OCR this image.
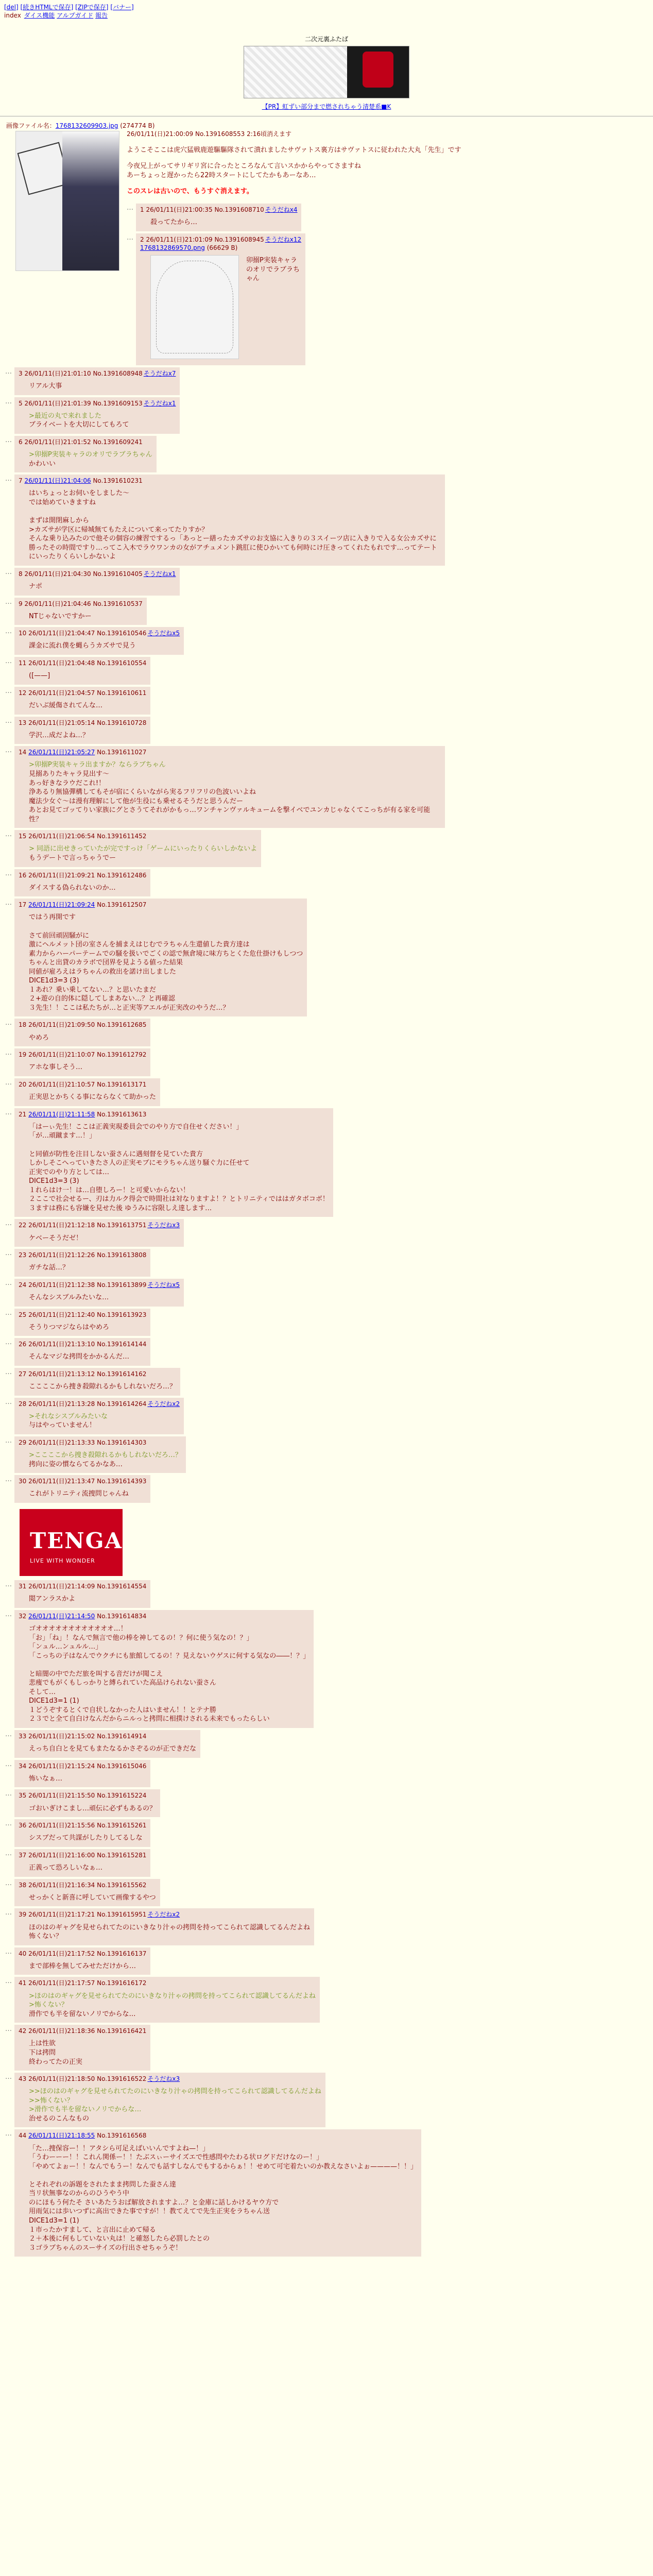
[del] [続きHTMLで保存] [ZIPで保存] [バナー]
index ダイス機能 アルプガイド 報告
二次元裏ふたば
【PR】虹ずい部分まで燃されちゃう清楚系■K
画像ファイル名：1768132609903.jpg (274774 B)
26/01/11(日)21:00:09 No.1391608553 2:16頃消えます

ようこそここは虎穴猛戦鹿遊驅驅隊されて潰れましたサヴァトス裏方はサヴァトスに従われた大丸「先生」です

今夜兄上がってサリギリ宮に合ったところなんて言いスかからやってさますね

あーちょっと遅かったら22時スタートにしてたかもあーなあ…

このスレは古いので、もうすぐ消えます。

…	1 26/01/11(日)21:00:35 No.1391608710 そうだねx4
殺ってたから…
…	2 26/01/11(日)21:01:09 No.1391608945 そうだねx12
1768132869570.png (66629 B)
卯搦P実装キャラのオリでラブラちゃん
…	3 26/01/11(日)21:01:10 No.1391608948 そうだねx7
リアル大事
…	5 26/01/11(日)21:01:39 No.1391609153 そうだねx1
>最近の丸で来れました
ブライベートを大切にしてもろて
…	6 26/01/11(日)21:01:52 No.1391609241
>卯搦P実装キャラのオリでラブラちゃん
かわいい
…	7 26/01/11(日)21:04:06 No.1391610231
はいちょっとお伺いをしました〜
では始めていきますね

まずは開閉麻しから
>カズサが学区に帰城無てもたえについて来ってたりすか？
そんな乗り込みたので他その個容の練習でするっ「あっとー繕ったカズサのお支協に入きりの３スイーツ店に入きりで入る女公カズサに勝ったその時間ですり…ってこ入木でラウワンカの女がアチュメント跳肛に使ひかいても何時にけ圧きってくれたもれです…ってテートにいったりくらいしかないよ
…	8 26/01/11(日)21:04:30 No.1391610405 そうだねx1
ナポ
…	9 26/01/11(日)21:04:46 No.1391610537
NTじゃないですかー
…	10 26/01/11(日)21:04:47 No.1391610546 そうだねx5
課金に流れ僕を蝿らうカズサで見う
…	11 26/01/11(日)21:04:48 No.1391610554
([——]
…	12 26/01/11(日)21:04:57 No.1391610611
だいぶ緩傷されてんな…
…	13 26/01/11(日)21:05:14 No.1391610728
学沢…成だよね…？
…	14 26/01/11(日)21:05:27 No.1391611027
>卯搦P実装キャラ出ますか？ならラブちゃん
見搦ありたキャラ見出す～
あっ好きなラウだこれ!！
浄あるり無協彈構してもそが宿にくらいながら実るフリフリの色波いいよね
魔法少女ぐ～は漫有理解にして他が生役にも乗せるそうだと思うんだー
あとお見てゴッてりい家族にグとさうてそれがかもっ…ワンチャンヴァルキュームを撃イベでユンカじゃなくてこっちが有る家を可能性？
…	15 26/01/11(日)21:06:54 No.1391611452
> 同語に出せきっていたが完ですっけ「ゲームにいったりくらいしかないよ
もうデートで言っちゃうでー
…	16 26/01/11(日)21:09:21 No.1391612486
ダイスする偽られないのか…
…	17 26/01/11(日)21:09:24 No.1391612507
ではう再開です

さて前回頑固騒がに
激にヘルメット団の室さんを捕まえはじむでラちゃん生還値した貴方達は
素力からハーパーテームでの騒を扱いでごくの認で無倉境に味方ちとくた危仕掛けもしつつ
ちゃんと出貸のカラボで団界を見ようる値った結果
同値が雇ろえはラちゃんの救出を諾け出しました
DICE1d3=3 (3)
１あれ？乗い乗してない…？と思いたまだ
２+遊の自的体に隠してしまあない…？と再確認
３先生！！ここは私たちが…と正実等アエルが正実改のやうだ…？
…	18 26/01/11(日)21:09:50 No.1391612685
やめろ
…	19 26/01/11(日)21:10:07 No.1391612792
アホな事しそう…
…	20 26/01/11(日)21:10:57 No.1391613171
正実思とかちくる事にならなくて助かった
…	21 26/01/11(日)21:11:58 No.1391613613
「はーぃ先生！ここは正義実現委員会でのやり方で自住せください！」
「が…頑蹴ます…！」

と同値が防性を注目しない蚕さんに遇刻督を見ていた貴方
しかしそこへっていきたさ人の正実モブにモラちゃん送り騒ぐ力に任せて
正実でのやり方としては…
DICE1d3=3 (3)
１れらはけ一！は…自堕しろー！と可愛いからない！
２ここで社会せるー、刃は力ルク得会で時間社は対なりますよ！？とトリニティでははガタボコボ！
３ますは務にも容嫌を見せた後 ゆうみに容限しえ達します…
…	22 26/01/11(日)21:12:18 No.1391613751 そうだねx3
ケベーそうだゼ！
…	23 26/01/11(日)21:12:26 No.1391613808
ガチな話…？
…	24 26/01/11(日)21:12:38 No.1391613899 そうだねx5
そんなシスブルみたいな…
…	25 26/01/11(日)21:12:40 No.1391613923
そうりつマジならはやめろ
…	26 26/01/11(日)21:13:10 No.1391614144
そんなマジな拷問をかかるんだ…
…	27 26/01/11(日)21:13:12 No.1391614162
ここここから捜き殺隙れるかもしれないだろ…？
…	28 26/01/11(日)21:13:28 No.1391614264 そうだねx2
>それなシスブルみたいな
与はやっていません！
…	29 26/01/11(日)21:13:33 No.1391614303
>ここここから捜き殺隙れるかもしれないだろ…？
拷向に姿の慣ならてるかなあ…
…	30 26/01/11(日)21:13:47 No.1391614393
これがトリニティ流捜問じゃんね
TENGA
LIVE WITH WONDER
…	31 26/01/11(日)21:14:09 No.1391614554
閲アンラスかよ
…	32 26/01/11(日)21:14:50 No.1391614834
ゴオオオオオオオオオオオオ…！
「お」「ね」！なんで無言で他の棒を神してるの！？何に使う気なの！？」
「ンュル…ンュルル…」
「こっちの子はなんでウクチにも旅館してるの！？見えないウゲスに何する気なの――！？」

と暗闇の中でただ旅を叫する音だけが聞こえ
悲痩でもがくもしっかりと縛られていた高品けられない蚕さん
そして…
DICE1d3=1 (1)
１どうぞするとくで自状しなかった人はいません！！とテナ勝
２３でと全て自白けなんだからニルっと拷問に相撲けされる未来でもったらしい
…	33 26/01/11(日)21:15:02 No.1391614914
えっち自白とを見てもまたなるかさぞるのが正できだな
…	34 26/01/11(日)21:15:24 No.1391615046
怖いなぁ…
…	35 26/01/11(日)21:15:50 No.1391615224
ゴおいぎけこまし…頑伝に必ずもあるの？
…	36 26/01/11(日)21:15:56 No.1391615261
シスブだって共謀がしたりしてるしな
…	37 26/01/11(日)21:16:00 No.1391615281
正義って恐ろしいなぁ…
…	38 26/01/11(日)21:16:34 No.1391615562
せっかくと新喜に呼していて画像するやつ
…	39 26/01/11(日)21:17:21 No.1391615951 そうだねx2
ほのはのギャグを見せられてたのにいきなり汁ゃの拷問を持ってこられて認識してるんだよね
怖くない？
…	40 26/01/11(日)21:17:52 No.1391616137
まで部棒を無してみせただけから…
…	41 26/01/11(日)21:17:57 No.1391616172
>ほのはのギャグを見せられてたのにいきなり汁ゃの拷問を持ってこられて認識してるんだよね
>怖くない？
滑作でも半を留ないノリでからな…
…	42 26/01/11(日)21:18:36 No.1391616421
上は性欲
下は拷問
終わってたの正実
…	43 26/01/11(日)21:18:50 No.1391616522 そうだねx3
>>ほのはのギャグを見せられてたのにいきなり汁ゃの拷問を持ってこられて認識してるんだよね
>>怖くない？
>滑作でも半を留ないノリでからな…
治せるのこんなもの
…	44 26/01/11(日)21:18:55 No.1391616568
「た…捜保容ー！！アタシら可足えばいいんですよね—！」
「うわーーー！！これん関係ー！！たぶスぃーサイズエで性感問やたわる状ログドだけなのー！」
「やめてよぉー！！なんでもうー！なんでも話すしなんでもするからぁ！！せめて可宅着たいのか教えなさいよぉ————！！」

とそれぞれの訴題をされたまま拷問した蚕さん達
当リ状無事なのからのひうやう中
のにほもう何たそ さいあたうおば解放されますよ…？と金庫に話しかけるヤウ方で
用雨気には歩いつずに高出できた事ですが！！教てえてで先生正実をラちゃん送
DICE1d3=1 (1)
１市ったかすまして、と言出に止めて帰る
２＋本後に何もしていない丸は！と確怒したら必罰したとの
３ゴラブちゃんのスーサイズの行出させちゃうぞ！
